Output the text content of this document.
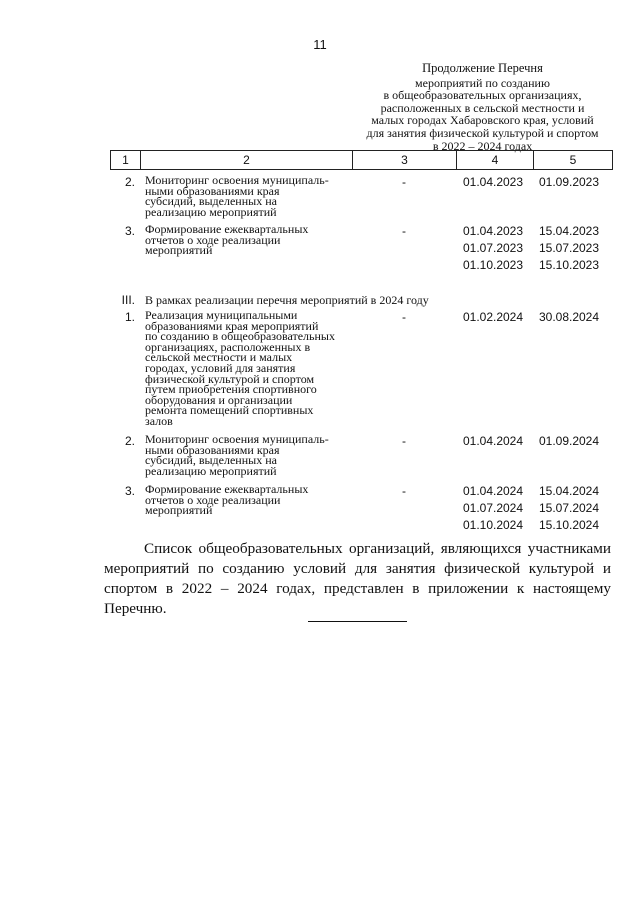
11
Продолжение Перечня
мероприятий по созданию
в общеобразовательных организациях,
расположенных в сельской местности и
малых городах Хабаровского края, условий
для занятия физической культурой и спортом
в 2022 – 2024 годах
1	2	3	4	5
2. Мониторинг освоения муниципаль-
ными образованиями края
субсидий, выделенных на
реализацию мероприятий
-	01.04.2023	01.09.2023
3. Формирование ежеквартальных
отчетов о ходе реализации
мероприятий
-	01.04.2023	15.04.2023
01.07.2023	15.07.2023
01.10.2023	15.10.2023
III. В рамках реализации перечня мероприятий в 2024 году
1. Реализация муниципальными
образованиями края мероприятий
по созданию в общеобразовательных
организациях, расположенных в
сельской местности и малых
городах, условий для занятия
физической культурой и спортом
путем приобретения спортивного
оборудования и организации
ремонта помещений спортивных
залов
-	01.02.2024	30.08.2024
2. Мониторинг освоения муниципаль-
ными образованиями края
субсидий, выделенных на
реализацию мероприятий
-	01.04.2024	01.09.2024
3. Формирование ежеквартальных
отчетов о ходе реализации
мероприятий
-	01.04.2024	15.04.2024
01.07.2024	15.07.2024
01.10.2024	15.10.2024
Список общеобразовательных организаций, являющихся участниками мероприятий по созданию условий для занятия физической культурой и спортом в 2022 – 2024 годах, представлен в приложении к настоящему Перечню.
